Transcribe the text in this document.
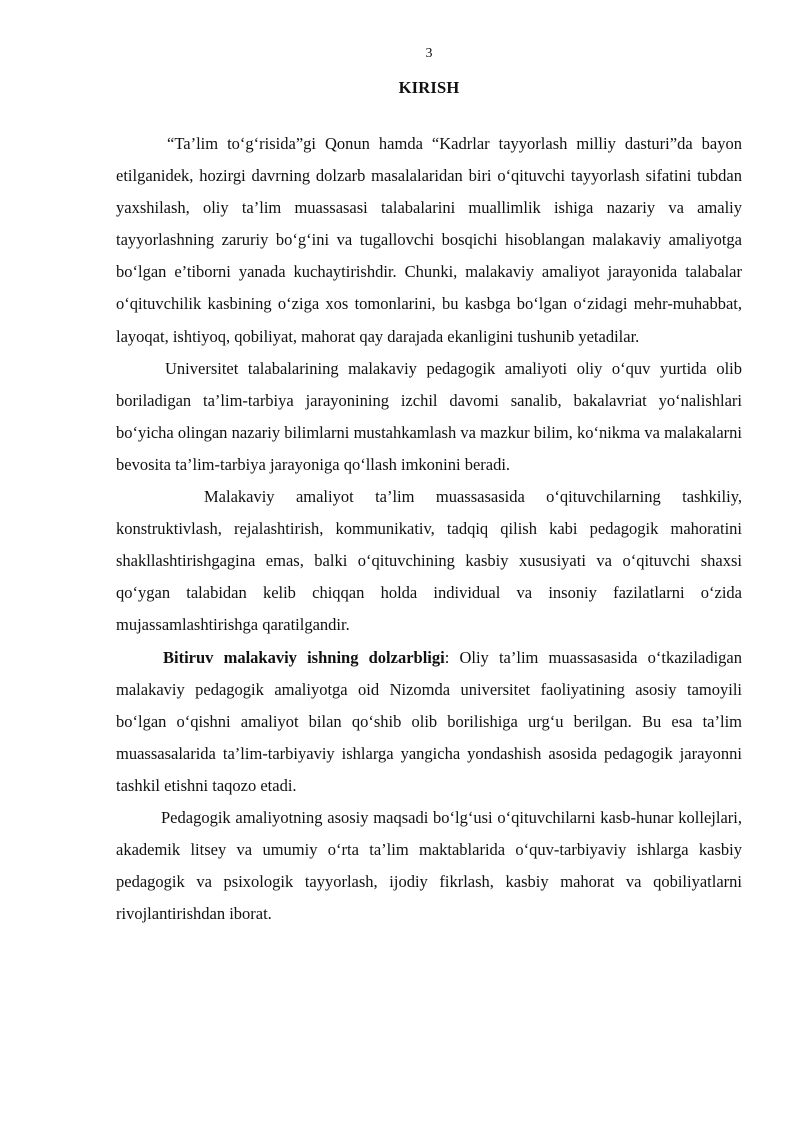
3
KIRISH

“Ta’lim to‘g‘risida”gi Qonun hamda “Kadrlar tayyorlash milliy dasturi”da bayon etilganidek, hozirgi davrning dolzarb masalalaridan biri o‘qituvchi tayyorlash sifatini tubdan yaxshilash, oliy ta’lim muassasasi talabalarini muallimlik ishiga nazariy va amaliy tayyorlashning zaruriy bo‘g‘ini va tugallovchi bosqichi hisoblangan malakaviy amaliyotga bo‘lgan e’tiborni yanada kuchaytirishdir. Chunki, malakaviy amaliyot jarayonida talabalar o‘qituvchilik kasbining o‘ziga xos tomonlarini, bu kasbga bo‘lgan o‘zidagi mehr-muhabbat, layoqat, ishtiyoq, qobiliyat, mahorat qay darajada ekanligini tushunib yetadilar.

Universitet talabalarining malakaviy pedagogik amaliyoti oliy o‘quv yurtida olib boriladigan ta’lim-tarbiya jarayonining izchil davomi sanalib, bakalavriat yo‘nalishlari bo‘yicha olingan nazariy bilimlarni mustahkamlash va mazkur bilim, ko‘nikma va malakalarni bevosita ta’lim-tarbiya jarayoniga qo‘llash imkonini beradi.

Malakaviy amaliyot ta’lim muassasasida o‘qituvchilarning tashkiliy, konstruktivlash, rejalashtirish, kommunikativ, tadqiq qilish kabi pedagogik mahoratini shakllashtirishgagina emas, balki o‘qituvchining kasbiy xususiyati va o‘qituvchi shaxsi qo‘ygan talabidan kelib chiqqan holda individual va insoniy fazilatlarni o‘zida mujassamlashtirishga qaratilgandir.

Bitiruv malakaviy ishning dolzarbligi: Oliy ta’lim muassasasida o‘tkaziladigan malakaviy pedagogik amaliyotga oid Nizomda universitet faoliyatining asosiy tamoyili bo‘lgan o‘qishni amaliyot bilan qo‘shib olib borilishiga urg‘u berilgan. Bu esa ta’lim muassasalarida ta’lim-tarbiyaviy ishlarga yangicha yondashish asosida pedagogik jarayonni tashkil etishni taqozo etadi.

Pedagogik amaliyotning asosiy maqsadi bo‘lg‘usi o‘qituvchilarni kasb-hunar kollejlari, akademik litsey va umumiy o‘rta ta’lim maktablarida o‘quv-tarbiyaviy ishlarga kasbiy pedagogik va psixologik tayyorlash, ijodiy fikrlash, kasbiy mahorat va qobiliyatlarni rivojlantirishdan iborat.
